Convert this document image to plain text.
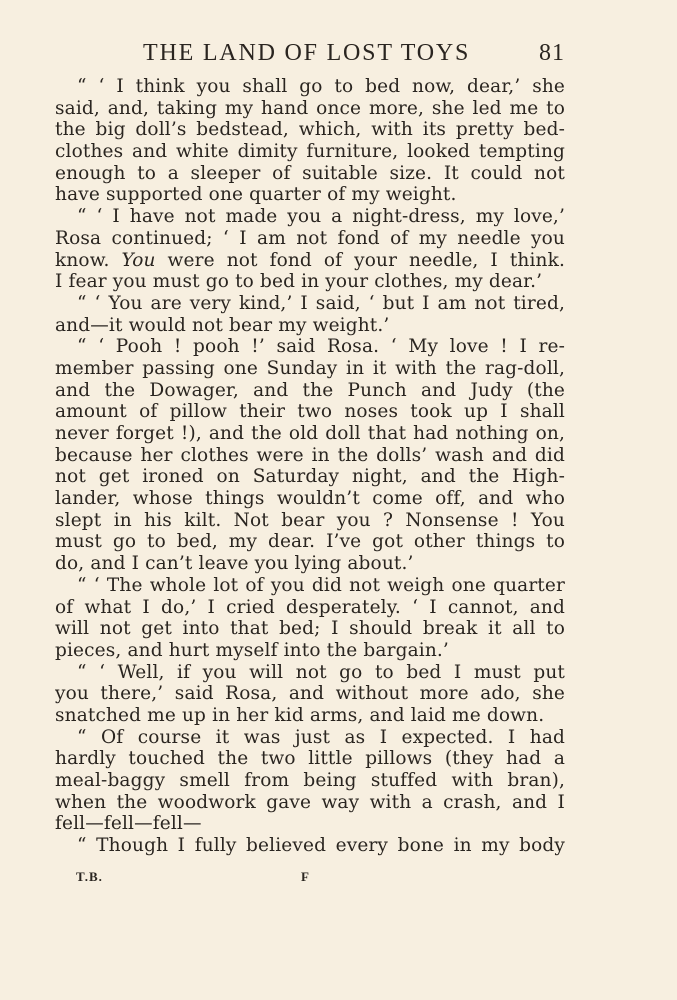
THE LAND OF LOST TOYS	81
“ ‘ I think you shall go to bed now, dear,’ she
said, and, taking my hand once more, she led me to
the big doll’s bedstead, which, with its pretty bed-
clothes and white dimity furniture, looked tempting
enough to a sleeper of suitable size. It could not
have supported one quarter of my weight.
“ ‘ I have not made you a night-dress, my love,’
Rosa continued; ‘ I am not fond of my needle you
know. You were not fond of your needle, I think.
I fear you must go to bed in your clothes, my dear.’
“ ‘ You are very kind,’ I said, ‘ but I am not tired,
and—it would not bear my weight.’
“ ‘ Pooh ! pooh !’ said Rosa. ‘ My love ! I re-
member passing one Sunday in it with the rag-doll,
and the Dowager, and the Punch and Judy (the
amount of pillow their two noses took up I shall
never forget !), and the old doll that had nothing on,
because her clothes were in the dolls’ wash and did
not get ironed on Saturday night, and the High-
lander, whose things wouldn’t come off, and who
slept in his kilt. Not bear you ? Nonsense ! You
must go to bed, my dear. I’ve got other things to
do, and I can’t leave you lying about.’
“ ‘ The whole lot of you did not weigh one quarter
of what I do,’ I cried desperately. ‘ I cannot, and
will not get into that bed; I should break it all to
pieces, and hurt myself into the bargain.’
“ ‘ Well, if you will not go to bed I must put
you there,’ said Rosa, and without more ado, she
snatched me up in her kid arms, and laid me down.
“ Of course it was just as I expected. I had
hardly touched the two little pillows (they had a
meal-baggy smell from being stuffed with bran),
when the woodwork gave way with a crash, and I
fell—fell—fell—
“ Though I fully believed every bone in my body
T.B.	F
